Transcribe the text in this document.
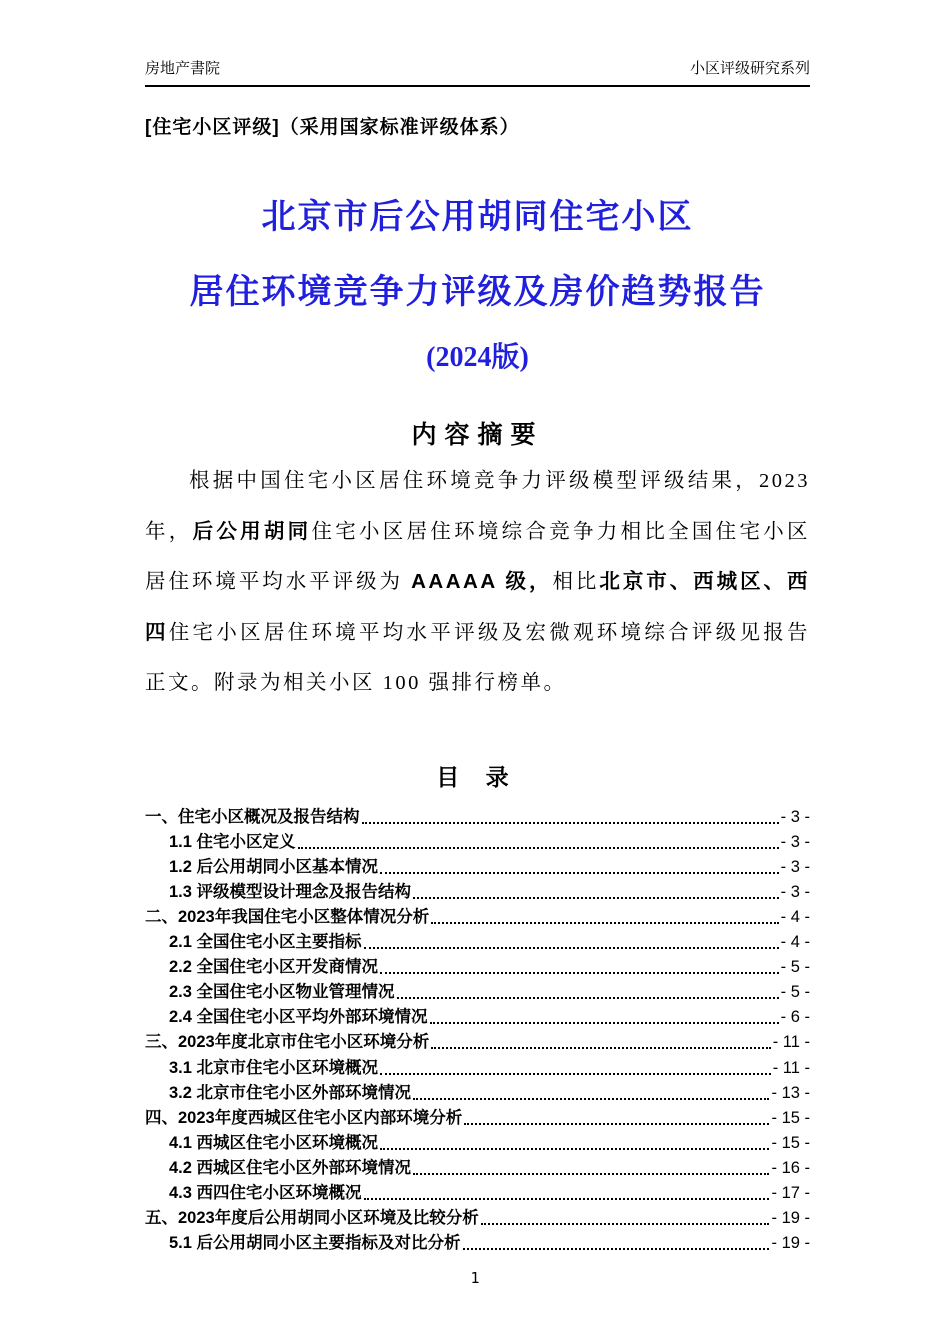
房地产書院	小区评级研究系列
[住宅小区评级]（采用国家标准评级体系）
北京市后公用胡同住宅小区
居住环境竞争力评级及房价趋势报告
(2024版)
内容摘要

根据中国住宅小区居住环境竞争力评级模型评级结果，2023 年，后公用胡同住宅小区居住环境综合竞争力相比全国住宅小区居住环境平均水平评级为 AAAAA 级，相比北京市、西城区、西四住宅小区居住环境平均水平评级及宏微观环境综合评级见报告正文。附录为相关小区 100 强排行榜单。

目 录
一、住宅小区概况及报告结构	- 3 -
1.1 住宅小区定义	- 3 -
1.2 后公用胡同小区基本情况	- 3 -
1.3 评级模型设计理念及报告结构	- 3 -
二、2023年我国住宅小区整体情况分析	- 4 -
2.1 全国住宅小区主要指标	- 4 -
2.2 全国住宅小区开发商情况	- 5 -
2.3 全国住宅小区物业管理情况	- 5 -
2.4 全国住宅小区平均外部环境情况	- 6 -
三、2023年度北京市住宅小区环境分析	- 11 -
3.1 北京市住宅小区环境概况	- 11 -
3.2 北京市住宅小区外部环境情况	- 13 -
四、2023年度西城区住宅小区内部环境分析	- 15 -
4.1 西城区住宅小区环境概况	- 15 -
4.2 西城区住宅小区外部环境情况	- 16 -
4.3 西四住宅小区环境概况	- 17 -
五、2023年度后公用胡同小区环境及比较分析	- 19 -
5.1 后公用胡同小区主要指标及对比分析	- 19 -
1
